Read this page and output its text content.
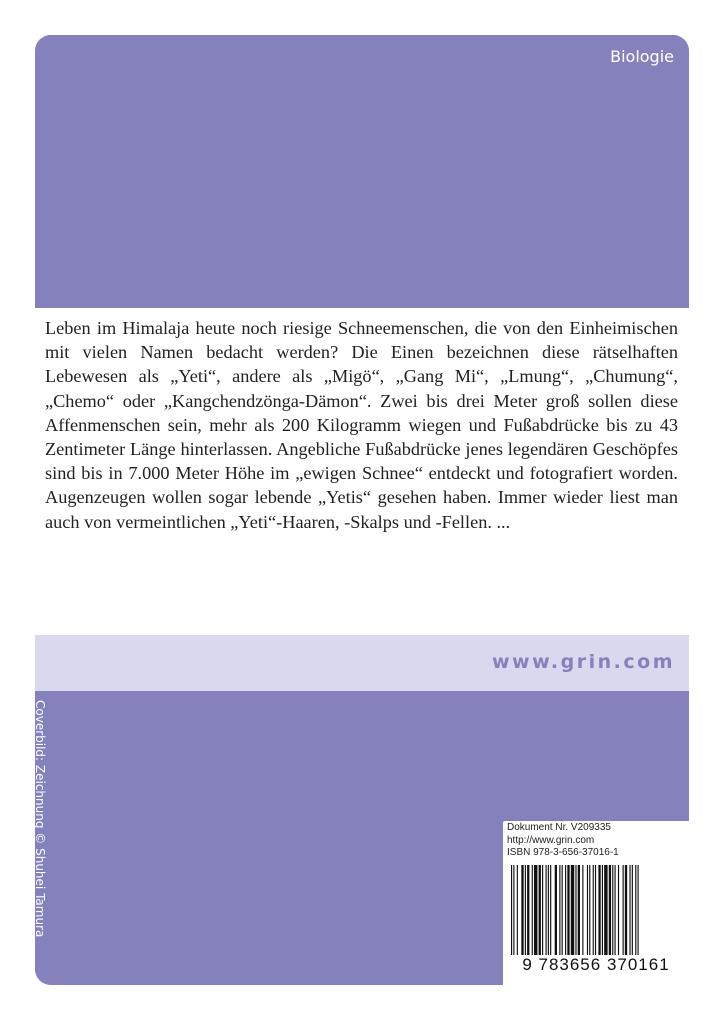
Biologie

Leben im Himalaja heute noch riesige Schneemenschen, die von den Einheimischen mit vielen Namen bedacht werden? Die Einen bezeichnen diese rätselhaften Lebewesen als „Yeti“, andere als „Migö“, „Gang Mi“, „Lmung“, „Chumung“, „Chemo“ oder „Kangchendzönga-Dämon“. Zwei bis drei Meter groß sollen diese Affenmenschen sein, mehr als 200 Kilogramm wiegen und Fußabdrücke bis zu 43 Zentimeter Länge hinterlassen. Angebliche Fußabdrücke jenes legendären Geschöpfes sind bis in 7.000 Meter Höhe im „ewigen Schnee“ entdeckt und fotografiert worden. Augenzeugen wollen sogar lebende „Yetis“ gesehen haben. Immer wieder liest man auch von vermeintlichen „Yeti“-Haaren, -Skalps und -Fellen. ...

www.grin.com
Coverbild: Zeichnung © Shuhei Tamura	Dokument Nr. V209335
http://www.grin.com
ISBN 978-3-656-37016-1
9 783656 370161
